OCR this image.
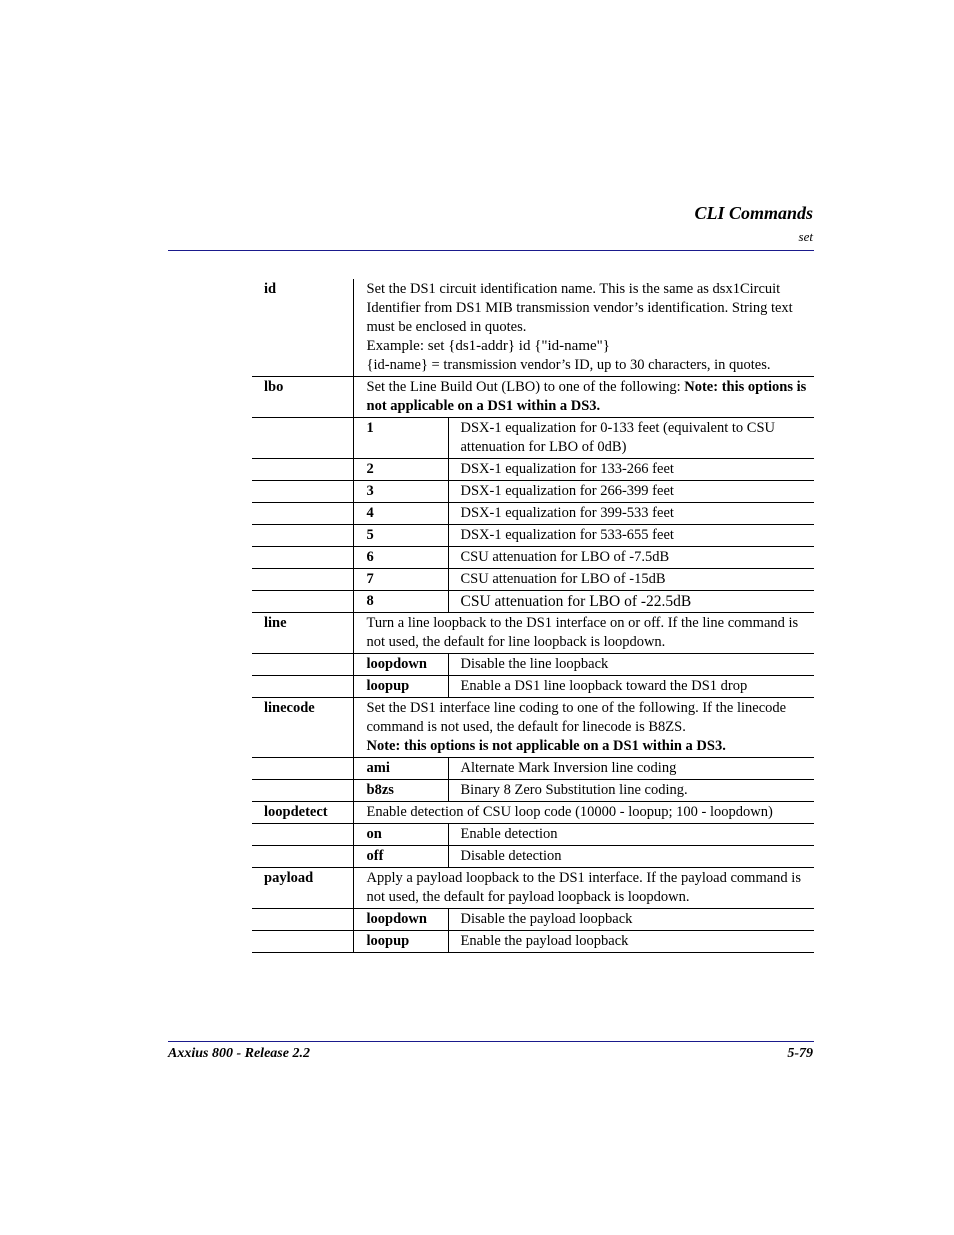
CLI Commands
set
id	Set the DS1 circuit identification name. This is the same as dsx1Circuit Identifier from DS1 MIB transmission vendor’s identification. String text must be enclosed in quotes.
Example: set {ds1-addr} id {"id-name"}
{id-name} = transmission vendor’s ID, up to 30 characters, in quotes.	
lbo	Set the Line Build Out (LBO) to one of the following: Note: this options is not applicable on a DS1 within a DS3.	
	1	DSX-1 equalization for 0-133 feet (equivalent to CSU attenuation for LBO of 0dB)
	2	DSX-1 equalization for 133-266 feet
	3	DSX-1 equalization for 266-399 feet
	4	DSX-1 equalization for 399-533 feet
	5	DSX-1 equalization for 533-655 feet
	6	CSU attenuation for LBO of -7.5dB
	7	CSU attenuation for LBO of -15dB
	8	CSU attenuation for LBO of -22.5dB
line	Turn a line loopback to the DS1 interface on or off. If the line command is not used, the default for line loopback is loopdown.	
	loopdown	Disable the line loopback
	loopup	Enable a DS1 line loopback toward the DS1 drop
linecode	Set the DS1 interface line coding to one of the following. If the linecode command is not used, the default for linecode is B8ZS.
Note: this options is not applicable on a DS1 within a DS3.	
	ami	Alternate Mark Inversion line coding
	b8zs	Binary 8 Zero Substitution line coding.
loopdetect	Enable detection of CSU loop code (10000 - loopup; 100 - loopdown)	
	on	Enable detection
	off	Disable detection
payload	Apply a payload loopback to the DS1 interface. If the payload command is not used, the default for payload loopback is loopdown.	
	loopdown	Disable the payload loopback
	loopup	Enable the payload loopback
Axxius 800 - Release 2.2	5-79
